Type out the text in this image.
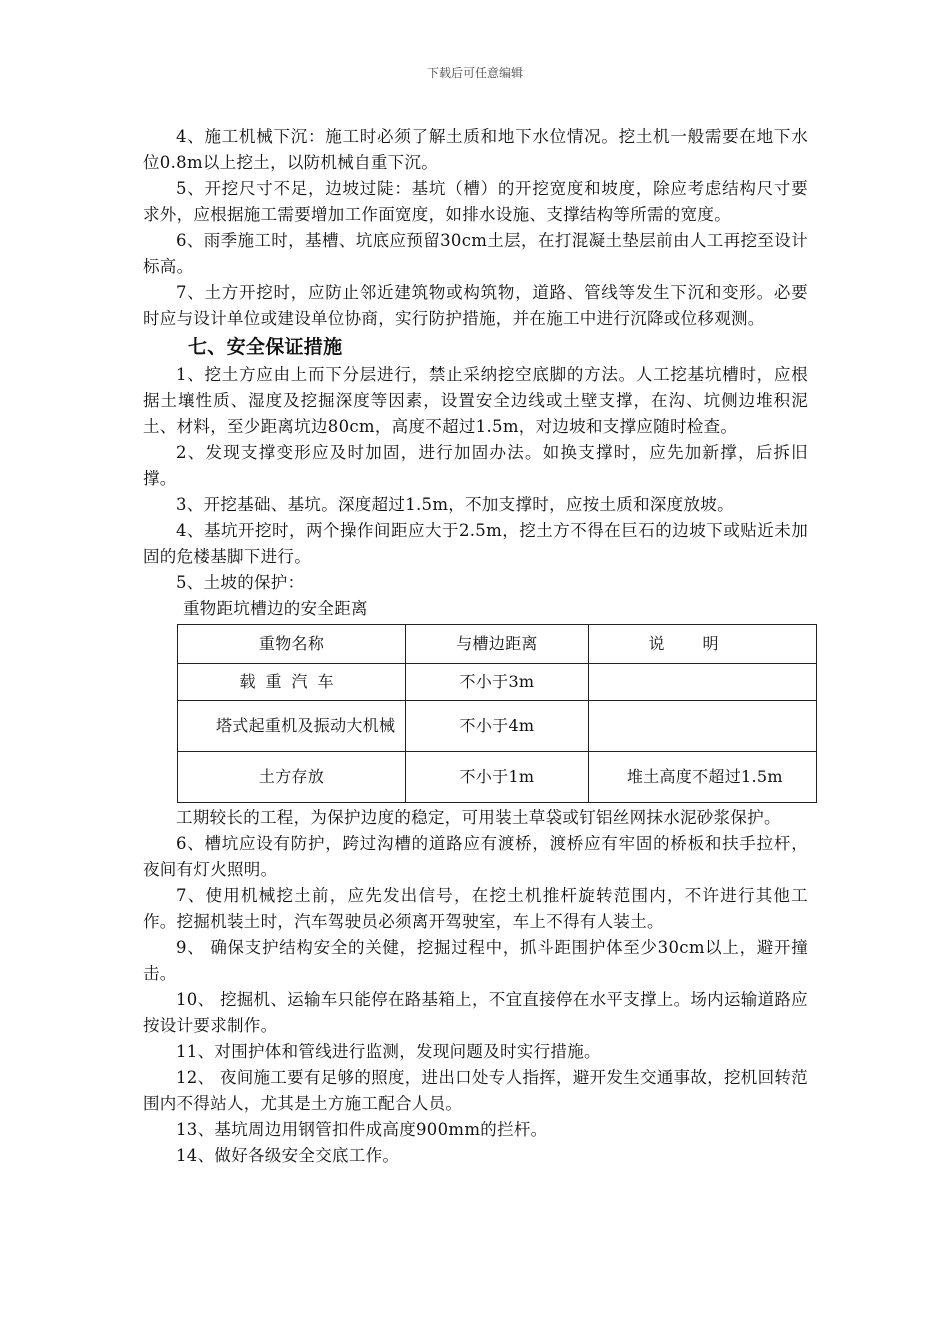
下载后可任意编辑

4、施工机械下沉：施工时必须了解土质和地下水位情况。挖土机一般需要在地下水位0.8m以上挖土，以防机械自重下沉。

5、开挖尺寸不足，边坡过陡：基坑（槽）的开挖宽度和坡度，除应考虑结构尺寸要求外，应根据施工需要增加工作面宽度，如排水设施、支撑结构等所需的宽度。

6、雨季施工时，基槽、坑底应预留30cm土层，在打混凝土垫层前由人工再挖至设计标高。

7、土方开挖时，应防止邻近建筑物或构筑物，道路、管线等发生下沉和变形。必要时应与设计单位或建设单位协商，实行防护措施，并在施工中进行沉降或位移观测。

七、安全保证措施

1、挖土方应由上而下分层进行，禁止采纳挖空底脚的方法。人工挖基坑槽时，应根据土壤性质、湿度及挖掘深度等因素，设置安全边线或土壁支撑，在沟、坑侧边堆积泥土、材料，至少距离坑边80cm，高度不超过1.5m，对边坡和支撑应随时检查。

2、发现支撑变形应及时加固，进行加固办法。如换支撑时，应先加新撑，后拆旧撑。

3、开挖基础、基坑。深度超过1.5m，不加支撑时，应按土质和深度放坡。

4、基坑开挖时，两个操作间距应大于2.5m，挖土方不得在巨石的边坡下或贴近未加固的危楼基脚下进行。

5、土坡的保护：

重物距坑槽边的安全距离

重物名称	与槽边距离	说明
载重汽车	不小于3m	
塔式起重机及振动大机械	不小于4m	
土方存放	不小于1m	堆土高度不超过1.5m

工期较长的工程，为保护边度的稳定，可用装土草袋或钉铝丝网抹水泥砂浆保护。

6、槽坑应设有防护，跨过沟槽的道路应有渡桥，渡桥应有牢固的桥板和扶手拉杆，夜间有灯火照明。

7、使用机械挖土前，应先发出信号，在挖土机推杆旋转范围内，不许进行其他工作。挖掘机装土时，汽车驾驶员必须离开驾驶室，车上不得有人装土。

9、 确保支护结构安全的关健，挖掘过程中，抓斗距围护体至少30cm以上，避开撞击。

10、 挖掘机、运输车只能停在路基箱上，不宜直接停在水平支撑上。场内运输道路应按设计要求制作。

11、对围护体和管线进行监测，发现问题及时实行措施。

12、 夜间施工要有足够的照度，进出口处专人指挥，避开发生交通事故，挖机回转范围内不得站人，尤其是土方施工配合人员。

13、基坑周边用钢管扣件成高度900mm的拦杆。

14、做好各级安全交底工作。
